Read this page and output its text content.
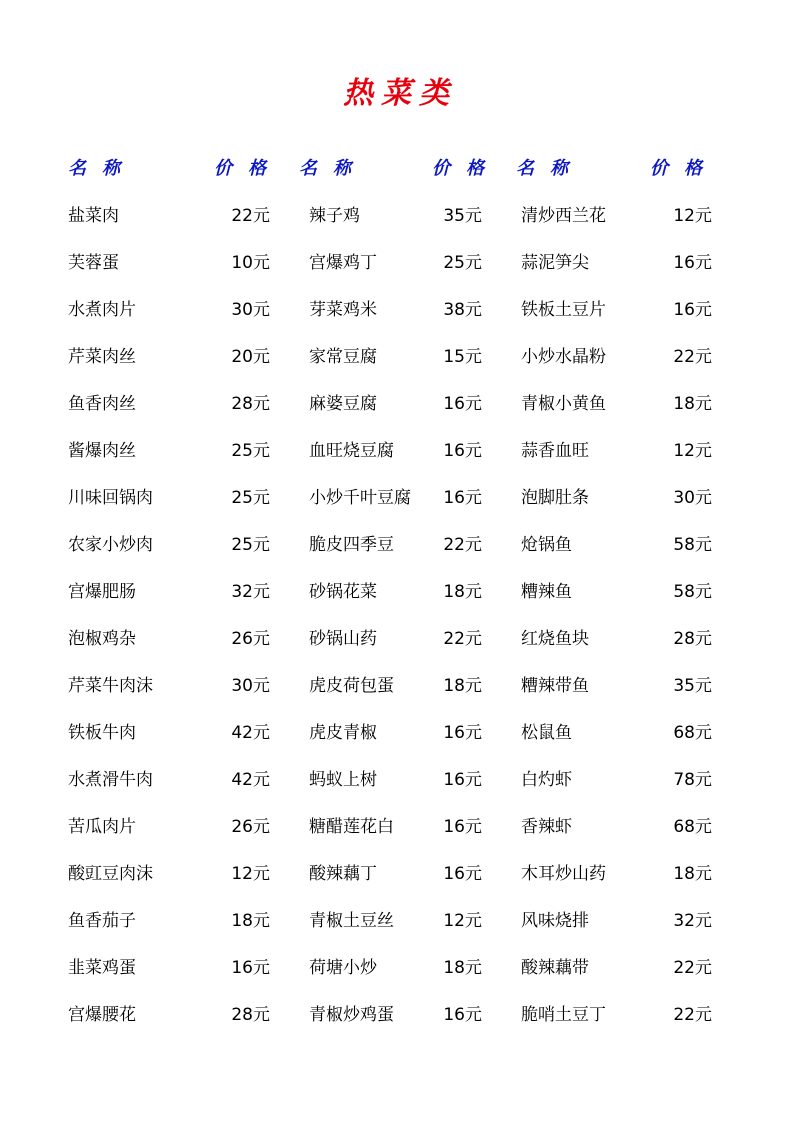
热菜类
名称	价格 名称	价格 名称	价格
盐菜肉	22元 辣子鸡	35元 清炒西兰花	12元
芙蓉蛋	10元 宫爆鸡丁	25元 蒜泥笋尖	16元
水煮肉片	30元 芽菜鸡米	38元 铁板土豆片	16元
芹菜肉丝	20元 家常豆腐	15元 小炒水晶粉	22元
鱼香肉丝	28元 麻婆豆腐	16元 青椒小黄鱼	18元
酱爆肉丝	25元 血旺烧豆腐	16元 蒜香血旺	12元
川味回锅肉	25元 小炒千叶豆腐	16元 泡脚肚条	30元
农家小炒肉	25元 脆皮四季豆	22元 炝锅鱼	58元
宫爆肥肠	32元 砂锅花菜	18元 糟辣鱼	58元
泡椒鸡杂	26元 砂锅山药	22元 红烧鱼块	28元
芹菜牛肉沫	30元 虎皮荷包蛋	18元 糟辣带鱼	35元
铁板牛肉	42元 虎皮青椒	16元 松鼠鱼	68元
水煮滑牛肉	42元 蚂蚁上树	16元 白灼虾	78元
苦瓜肉片	26元 糖醋莲花白	16元 香辣虾	68元
酸豇豆肉沫	12元 酸辣藕丁	16元 木耳炒山药	18元
鱼香茄子	18元 青椒土豆丝	12元 风味烧排	32元
韭菜鸡蛋	16元 荷塘小炒	18元 酸辣藕带	22元
宫爆腰花	28元 青椒炒鸡蛋	16元 脆哨土豆丁	22元
